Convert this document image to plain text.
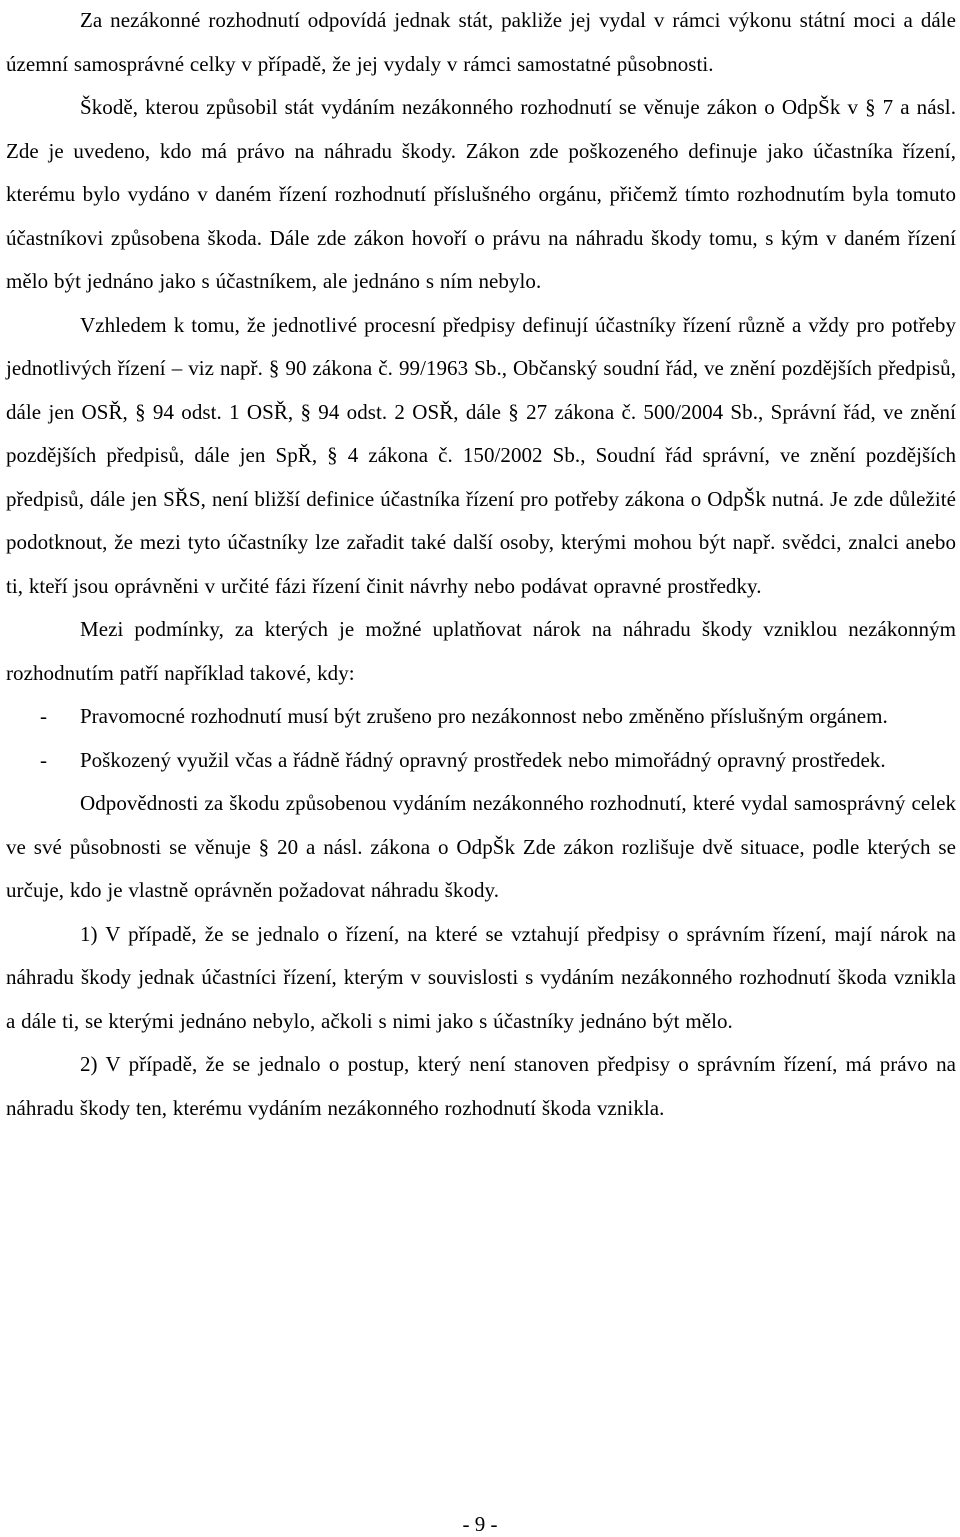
Za nezákonné rozhodnutí odpovídá jednak stát, pakliže jej vydal v rámci výkonu státní moci a dále územní samosprávné celky v případě, že jej vydaly v rámci samostatné působnosti.

Škodě, kterou způsobil stát vydáním nezákonného rozhodnutí se věnuje zákon o OdpŠk v § 7 a násl. Zde je uvedeno, kdo má právo na náhradu škody. Zákon zde poškozeného definuje jako účastníka řízení, kterému bylo vydáno v daném řízení rozhodnutí příslušného orgánu, přičemž tímto rozhodnutím byla tomuto účastníkovi způsobena škoda. Dále zde zákon hovoří o právu na náhradu škody tomu, s kým v daném řízení mělo být jednáno jako s účastníkem, ale jednáno s ním nebylo.

Vzhledem k tomu, že jednotlivé procesní předpisy definují účastníky řízení různě a vždy pro potřeby jednotlivých řízení – viz např. § 90 zákona č. 99/1963 Sb., Občanský soudní řád, ve znění pozdějších předpisů, dále jen OSŘ, § 94 odst. 1 OSŘ, § 94 odst. 2 OSŘ, dále § 27 zákona č. 500/2004 Sb., Správní řád, ve znění pozdějších předpisů, dále jen SpŘ, § 4 zákona č. 150/2002 Sb., Soudní řád správní, ve znění pozdějších předpisů, dále jen SŘS, není bližší definice účastníka řízení pro potřeby zákona o OdpŠk nutná. Je zde důležité podotknout, že mezi tyto účastníky lze zařadit také další osoby, kterými mohou být např. svědci, znalci anebo ti, kteří jsou oprávněni v určité fázi řízení činit návrhy nebo podávat opravné prostředky.

Mezi podmínky, za kterých je možné uplatňovat nárok na náhradu škody vzniklou nezákonným rozhodnutím patří například takové, kdy:

- Pravomocné rozhodnutí musí být zrušeno pro nezákonnost nebo změněno příslušným orgánem.
- Poškozený využil včas a řádně řádný opravný prostředek nebo mimořádný opravný prostředek.

Odpovědnosti za škodu způsobenou vydáním nezákonného rozhodnutí, které vydal samosprávný celek ve své působnosti se věnuje § 20 a násl. zákona o OdpŠk Zde zákon rozlišuje dvě situace, podle kterých se určuje, kdo je vlastně oprávněn požadovat náhradu škody.

1) V případě, že se jednalo o řízení, na které se vztahují předpisy o správním řízení, mají nárok na náhradu škody jednak účastníci řízení, kterým v souvislosti s vydáním nezákonného rozhodnutí škoda vznikla a dále ti, se kterými jednáno nebylo, ačkoli s nimi jako s účastníky jednáno být mělo.

2) V případě, že se jednalo o postup, který není stanoven předpisy o správním řízení, má právo na náhradu škody ten, kterému vydáním nezákonného rozhodnutí škoda vznikla.

- 9 -
